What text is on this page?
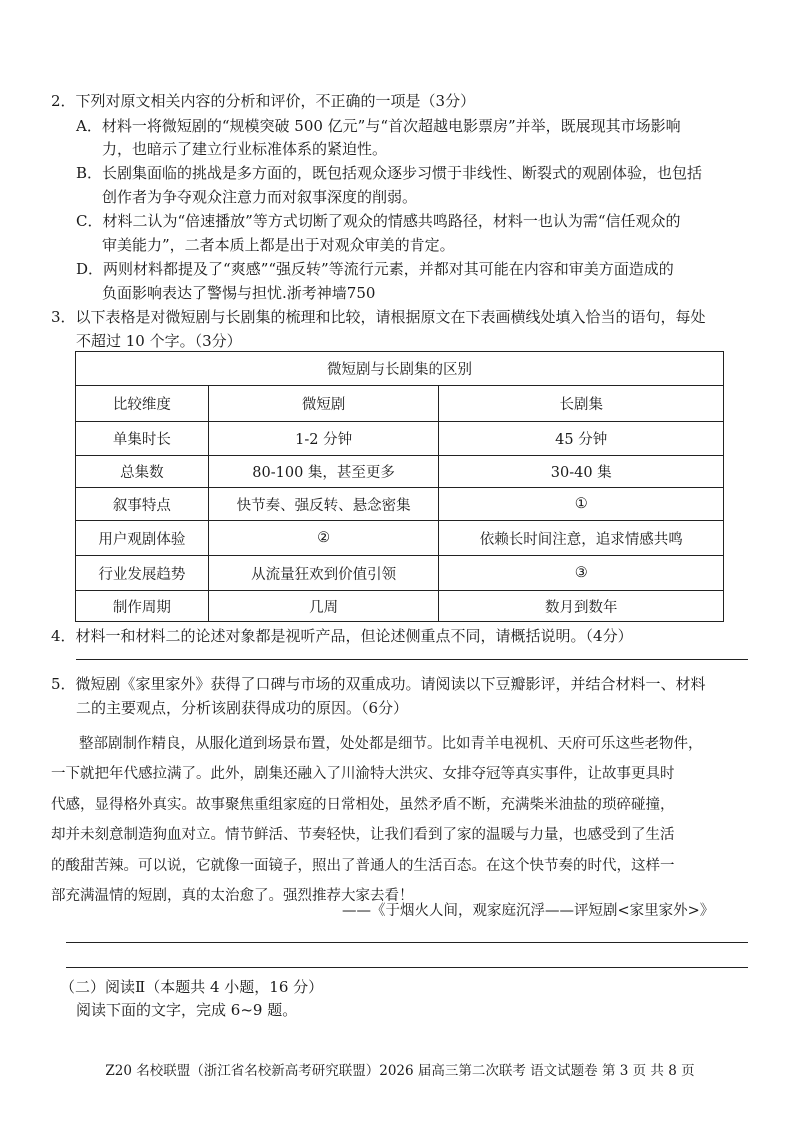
2．下列对原文相关内容的分析和评价，不正确的一项是（3分）
A．材料一将微短剧的“规模突破 500 亿元”与“首次超越电影票房”并举，既展现其市场影响
力，也暗示了建立行业标准体系的紧迫性。
B．长剧集面临的挑战是多方面的，既包括观众逐步习惯于非线性、断裂式的观剧体验，也包括
创作者为争夺观众注意力而对叙事深度的削弱。
C．材料二认为“倍速播放”等方式切断了观众的情感共鸣路径，材料一也认为需“信任观众的
审美能力”，二者本质上都是出于对观众审美的肯定。
D．两则材料都提及了“爽感”“强反转”等流行元素，并都对其可能在内容和审美方面造成的
负面影响表达了警惕与担忧.浙考神墙750
3．以下表格是对微短剧与长剧集的梳理和比较，请根据原文在下表画横线处填入恰当的语句，每处
不超过 10 个字。（3分）
微短剧与长剧集的区别		
比较维度	微短剧	长剧集
单集时长	1-2 分钟	45 分钟
总集数	80-100 集，甚至更多	30-40 集
叙事特点	快节奏、强反转、悬念密集	①
用户观剧体验	②	依赖长时间注意，追求情感共鸣
行业发展趋势	从流量狂欢到价值引领	③
制作周期	几周	数月到数年
4．材料一和材料二的论述对象都是视听产品，但论述侧重点不同，请概括说明。（4分）
5．微短剧《家里家外》获得了口碑与市场的双重成功。请阅读以下豆瓣影评，并结合材料一、材料
二的主要观点，分析该剧获得成功的原因。（6分）
整部剧制作精良，从服化道到场景布置，处处都是细节。比如青羊电视机、天府可乐这些老物件，
一下就把年代感拉满了。此外，剧集还融入了川渝特大洪灾、女排夺冠等真实事件，让故事更具时
代感，显得格外真实。故事聚焦重组家庭的日常相处，虽然矛盾不断，充满柴米油盐的琐碎碰撞，
却并未刻意制造狗血对立。情节鲜活、节奏轻快，让我们看到了家的温暖与力量，也感受到了生活
的酸甜苦辣。可以说，它就像一面镜子，照出了普通人的生活百态。在这个快节奏的时代，这样一
部充满温情的短剧，真的太治愈了。强烈推荐大家去看！
——《于烟火人间，观家庭沉浮——评短剧<家里家外>》
（二）阅读Ⅱ（本题共 4 小题，16 分）
阅读下面的文字，完成 6~9 题。
Z20 名校联盟（浙江省名校新高考研究联盟）2026 届高三第二次联考 语文试题卷 第 3 页 共 8 页
